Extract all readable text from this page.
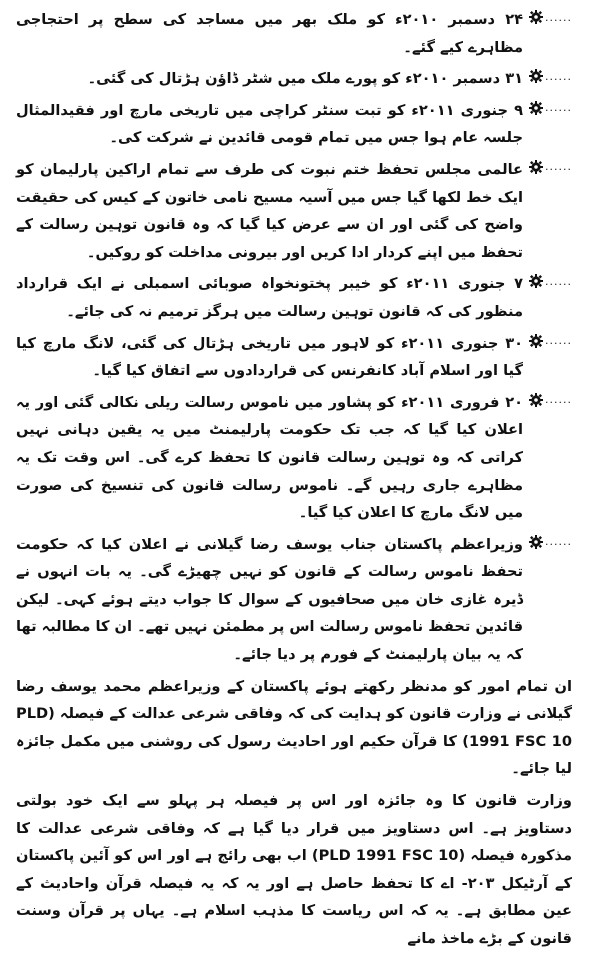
......
۲۴ دسمبر ۲۰۱۰ء کو ملک بھر میں مساجد کی سطح پر احتجاجی مظاہرے کیے گئے۔
......
۳۱ دسمبر ۲۰۱۰ء کو پورے ملک میں شٹر ڈاؤن ہڑتال کی گئی۔
......
۹ جنوری ۲۰۱۱ء کو تبت سنٹر کراچی میں تاریخی مارچ اور فقیدالمثال جلسہ عام ہوا جس میں تمام قومی قائدین نے شرکت کی۔
......
عالمی مجلس تحفظ ختم نبوت کی طرف سے تمام اراکین پارلیمان کو ایک خط لکھا گیا جس میں آسیہ مسیح نامی خاتون کے کیس کی حقیقت واضح کی گئی اور ان سے عرض کیا گیا کہ وہ قانون توہین رسالت کے تحفظ میں اپنے کردار ادا کریں اور بیرونی مداخلت کو روکیں۔
......
۷ جنوری ۲۰۱۱ء کو خیبر پختونخواہ صوبائی اسمبلی نے ایک قرارداد منظور کی کہ قانون توہین رسالت میں ہرگز ترمیم نہ کی جائے۔
......
۳۰ جنوری ۲۰۱۱ء کو لاہور میں تاریخی ہڑتال کی گئی، لانگ مارچ کیا گیا اور اسلام آباد کانفرنس کی قراردادوں سے اتفاق کیا گیا۔
......
۲۰ فروری ۲۰۱۱ء کو پشاور میں ناموس رسالت ریلی نکالی گئی اور یہ اعلان کیا گیا کہ جب تک حکومت پارلیمنٹ میں یہ یقین دہانی نہیں کراتی کہ وہ توہین رسالت قانون کا تحفظ کرے گی۔ اس وقت تک یہ مظاہرے جاری رہیں گے۔ ناموس رسالت قانون کی تنسیخ کی صورت میں لانگ مارچ کا اعلان کیا گیا۔
......
وزیراعظم پاکستان جناب یوسف رضا گیلانی نے اعلان کیا کہ حکومت تحفظ ناموس رسالت کے قانون کو نہیں چھیڑے گی۔ یہ بات انہوں نے ڈیرہ غازی خان میں صحافیوں کے سوال کا جواب دیتے ہوئے کہی۔ لیکن قائدین تحفظ ناموس رسالت اس پر مطمئن نہیں تھے۔ ان کا مطالبہ تھا کہ یہ بیان پارلیمنٹ کے فورم پر دیا جائے۔
ان تمام امور کو مدنظر رکھتے ہوئے پاکستان کے وزیراعظم محمد یوسف رضا گیلانی نے وزارت قانون کو ہدایت کی کہ وفاقی شرعی عدالت کے فیصلہ (PLD 1991 FSC 10) کا قرآن حکیم اور احادیث رسول کی روشنی میں مکمل جائزہ لیا جائے۔
وزارت قانون کا وہ جائزہ اور اس پر فیصلہ ہر پہلو سے ایک خود بولتی دستاویز ہے۔ اس دستاویز میں قرار دیا گیا ہے کہ وفاقی شرعی عدالت کا مذکورہ فیصلہ (PLD 1991 FSC 10) اب بھی رائج ہے اور اس کو آئین پاکستان کے آرٹیکل ۲۰۳- اے کا تحفظ حاصل ہے اور یہ کہ یہ فیصلہ قرآن واحادیث کے عین مطابق ہے۔ یہ کہ اس ریاست کا مذہب اسلام ہے۔ یہاں پر قرآن وسنت قانون کے بڑے ماخذ مانے
